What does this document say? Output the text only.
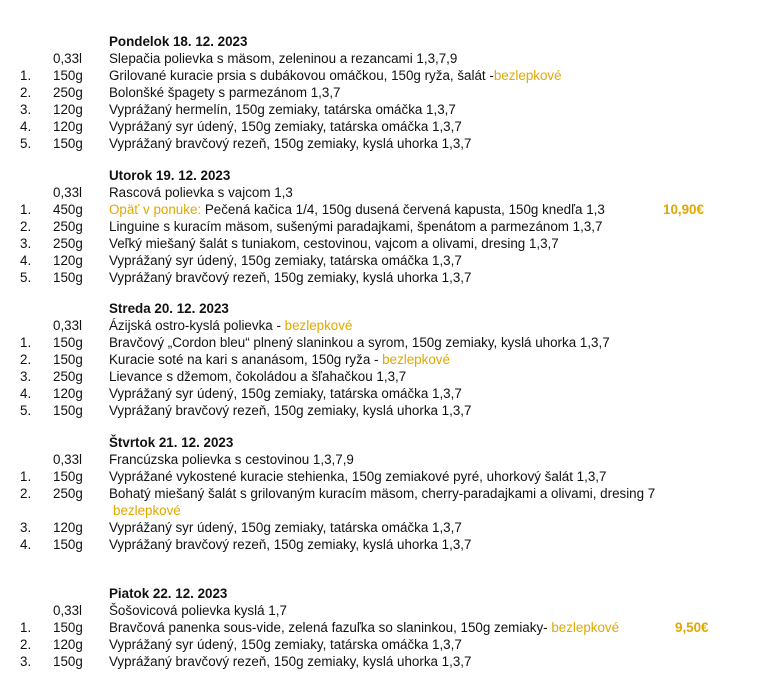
Pondelok 18. 12. 2023
0,33l Slepačia polievka s mäsom, zeleninou a rezancami 1,3,7,9
1. 150g Grilované kuracie prsia s dubákovou omáčkou, 150g ryža, šalát -bezlepkové
2. 250g Bolonšké špagety s parmezánom 1,3,7
3. 120g Vyprážaný hermelín, 150g zemiaky, tatárska omáčka 1,3,7
4. 120g Vyprážaný syr údený, 150g zemiaky, tatárska omáčka 1,3,7
5. 150g Vyprážaný bravčový rezeň, 150g zemiaky, kyslá uhorka 1,3,7
Utorok 19. 12. 2023
0,33l Rascová polievka s vajcom 1,3
1. 450g Opäť v ponuke: Pečená kačica 1/4, 150g dusená červená kapusta, 150g knedľa 1,3	10,90€
2. 250g Linguine s kuracím mäsom, sušenými paradajkami, špenátom a parmezánom 1,3,7
3. 250g Veľký miešaný šalát s tuniakom, cestovinou, vajcom a olivami, dresing 1,3,7
4. 120g Vyprážaný syr údený, 150g zemiaky, tatárska omáčka 1,3,7
5. 150g Vyprážaný bravčový rezeň, 150g zemiaky, kyslá uhorka 1,3,7
Streda 20. 12. 2023
0,33l Ázijská ostro-kyslá polievka - bezlepkové
1. 150g Bravčový „Cordon bleu“ plnený slaninkou a syrom, 150g zemiaky, kyslá uhorka 1,3,7
2. 150g Kuracie soté na kari s ananásom, 150g ryža - bezlepkové
3. 250g Lievance s džemom, čokoládou a šľahačkou 1,3,7
4. 120g Vyprážaný syr údený, 150g zemiaky, tatárska omáčka 1,3,7
5. 150g Vyprážaný bravčový rezeň, 150g zemiaky, kyslá uhorka 1,3,7
Štvrtok 21. 12. 2023
0,33l Francúzska polievka s cestovinou 1,3,7,9
1. 150g Vyprážané vykostené kuracie stehienka, 150g zemiakové pyré, uhorkový šalát 1,3,7
2. 250g Bohatý miešaný šalát s grilovaným kuracím mäsom, cherry-paradajkami a olivami, dresing 7
bezlepkové
3. 120g Vyprážaný syr údený, 150g zemiaky, tatárska omáčka 1,3,7
4. 150g Vyprážaný bravčový rezeň, 150g zemiaky, kyslá uhorka 1,3,7
Piatok 22. 12. 2023
0,33l Šošovicová polievka kyslá 1,7
1. 150g Bravčová panenka sous-vide, zelená fazuľka so slaninkou, 150g zemiaky- bezlepkové	9,50€
2. 120g Vyprážaný syr údený, 150g zemiaky, tatárska omáčka 1,3,7
3. 150g Vyprážaný bravčový rezeň, 150g zemiaky, kyslá uhorka 1,3,7
